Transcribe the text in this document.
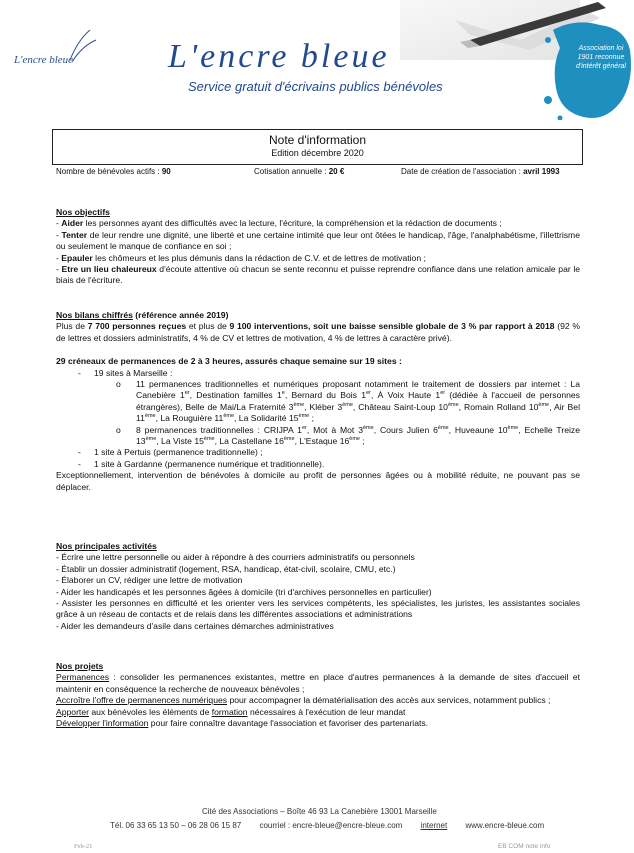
L'encre bleue	L'encre bleue
Service gratuit d'écrivains publics bénévoles
Association loi 1901 reconnue d'intérêt général
Note d'information
Edition décembre 2020
Nombre de bénévoles actifs : 90	Cotisation annuelle : 20 €	Date de création de l'association : avril 1993

Nos objectifs

- Aider les personnes ayant des difficultés avec la lecture, l'écriture, la compréhension et la rédaction de documents ;

- Tenter de leur rendre une dignité, une liberté et une certaine intimité que leur ont ôtées le handicap, l'âge, l'analphabétisme, l'illettrisme ou seulement le manque de confiance en soi ;

- Epauler les chômeurs et les plus démunis dans la rédaction de C.V. et de lettres de motivation ;

- Etre un lieu chaleureux d'écoute attentive où chacun se sente reconnu et puisse reprendre confiance dans une relation amicale par le biais de l'écriture.

Nos bilans chiffrés (référence année 2019)

Plus de 7 700 personnes reçues et plus de 9 100 interventions, soit une baisse sensible globale de 3 % par rapport à 2018 (92 % de lettres et dossiers administratifs, 4 % de CV et lettres de motivation, 4 % de lettres à caractère privé).

29 créneaux de permanences de 2 à 3 heures, assurés chaque semaine sur 19 sites :

- 19 sites à Marseille :

o 11 permanences traditionnelles et numériques proposant notamment le traitement de dossiers par internet : La Canebière 1er, Destination familles 1e, Bernard du Bois 1er, À Voix Haute 1er (dédiée à l'accueil de personnes étrangères), Belle de Mai/La Fraternité 3ème, Kléber 3ème, Château Saint-Loup 10ème, Romain Rolland 10ème, Air Bel 11ème, La Rouguière 11ème, La Solidarité 15ème ;

o 8 permanences traditionnelles : CRIJPA 1er, Mot à Mot 3ème, Cours Julien 6ème, Huveaune 10ème, Echelle Treize 13ème, La Viste 15ème, La Castellane 16ème, L'Estaque 16ème ;

- 1 site à Pertuis (permanence traditionnelle) ;

- 1 site à Gardanne (permanence numérique et traditionnelle).

Exceptionnellement, intervention de bénévoles à domicile au profit de personnes âgées ou à mobilité réduite, ne pouvant pas se déplacer.

Nos principales activités

- Écrire une lettre personnelle ou aider à répondre à des courriers administratifs ou personnels

- Établir un dossier administratif (logement, RSA, handicap, état-civil, scolaire, CMU, etc.)

- Élaborer un CV, rédiger une lettre de motivation

- Aider les handicapés et les personnes âgées à domicile (tri d'archives personnelles en particulier)

- Assister les personnes en difficulté et les orienter vers les services compétents, les spécialistes, les juristes, les assistantes sociales grâce à un réseau de contacts et de relais dans les différentes associations et administrations

- Aider les demandeurs d'asile dans certaines démarches administratives

Nos projets

Permanences : consolider les permanences existantes, mettre en place d'autres permanences à la demande de sites d'accueil et maintenir en conséquence la recherche de nouveaux bénévoles ;

Accroître l'offre de permanences numériques pour accompagner la dématérialisation des accès aux services, notamment publics ;

Apporter aux bénévoles les éléments de formation nécessaires à l'exécution de leur mandat

Développer l'information pour faire connaître davantage l'association et favoriser des partenariats.

Cité des Associations – Boîte 46 93 La Canebière 13001 Marseille
Tél. 06 33 65 13 50 – 06 28 06 15 87 courriel : encre-bleue@encre-bleue.com internet www.encre-bleue.com
Feb-21	EB COM note info
